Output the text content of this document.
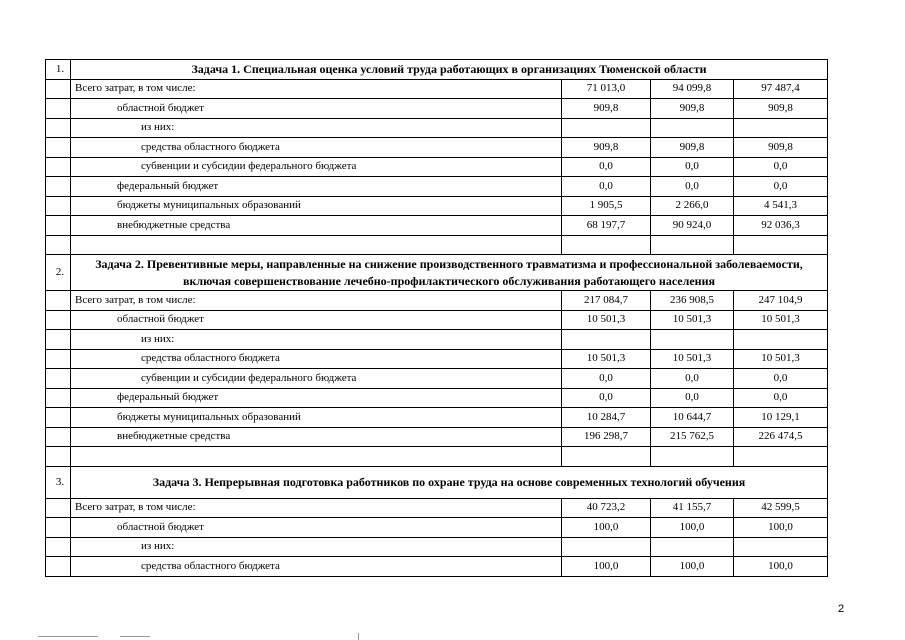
1.	Задача 1. Специальная оценка условий труда работающих в организациях Тюменской области			
	Всего затрат, в том числе:	71 013,0	94 099,8	97 487,4
	областной бюджет	909,8	909,8	909,8
	из них:			
	средства областного бюджета	909,8	909,8	909,8
	субвенции и субсидии федерального бюджета	0,0	0,0	0,0
	федеральный бюджет	0,0	0,0	0,0
	бюджеты муниципальных образований	1 905,5	2 266,0	4 541,3
	внебюджетные средства	68 197,7	90 924,0	92 036,3

2.	Задача 2. Превентивные меры, направленные на снижение производственного травматизма и профессиональной заболеваемости, включая совершенствование лечебно-профилактического обслуживания работающего населения			
	Всего затрат, в том числе:	217 084,7	236 908,5	247 104,9
	областной бюджет	10 501,3	10 501,3	10 501,3
	из них:			
	средства областного бюджета	10 501,3	10 501,3	10 501,3
	субвенции и субсидии федерального бюджета	0,0	0,0	0,0
	федеральный бюджет	0,0	0,0	0,0
	бюджеты муниципальных образований	10 284,7	10 644,7	10 129,1
	внебюджетные средства	196 298,7	215 762,5	226 474,5

3.	Задача 3. Непрерывная подготовка работников по охране труда на основе современных технологий обучения			
	Всего затрат, в том числе:	40 723,2	41 155,7	42 599,5
	областной бюджет	100,0	100,0	100,0
	из них:			
	средства областного бюджета	100,0	100,0	100,0
2
